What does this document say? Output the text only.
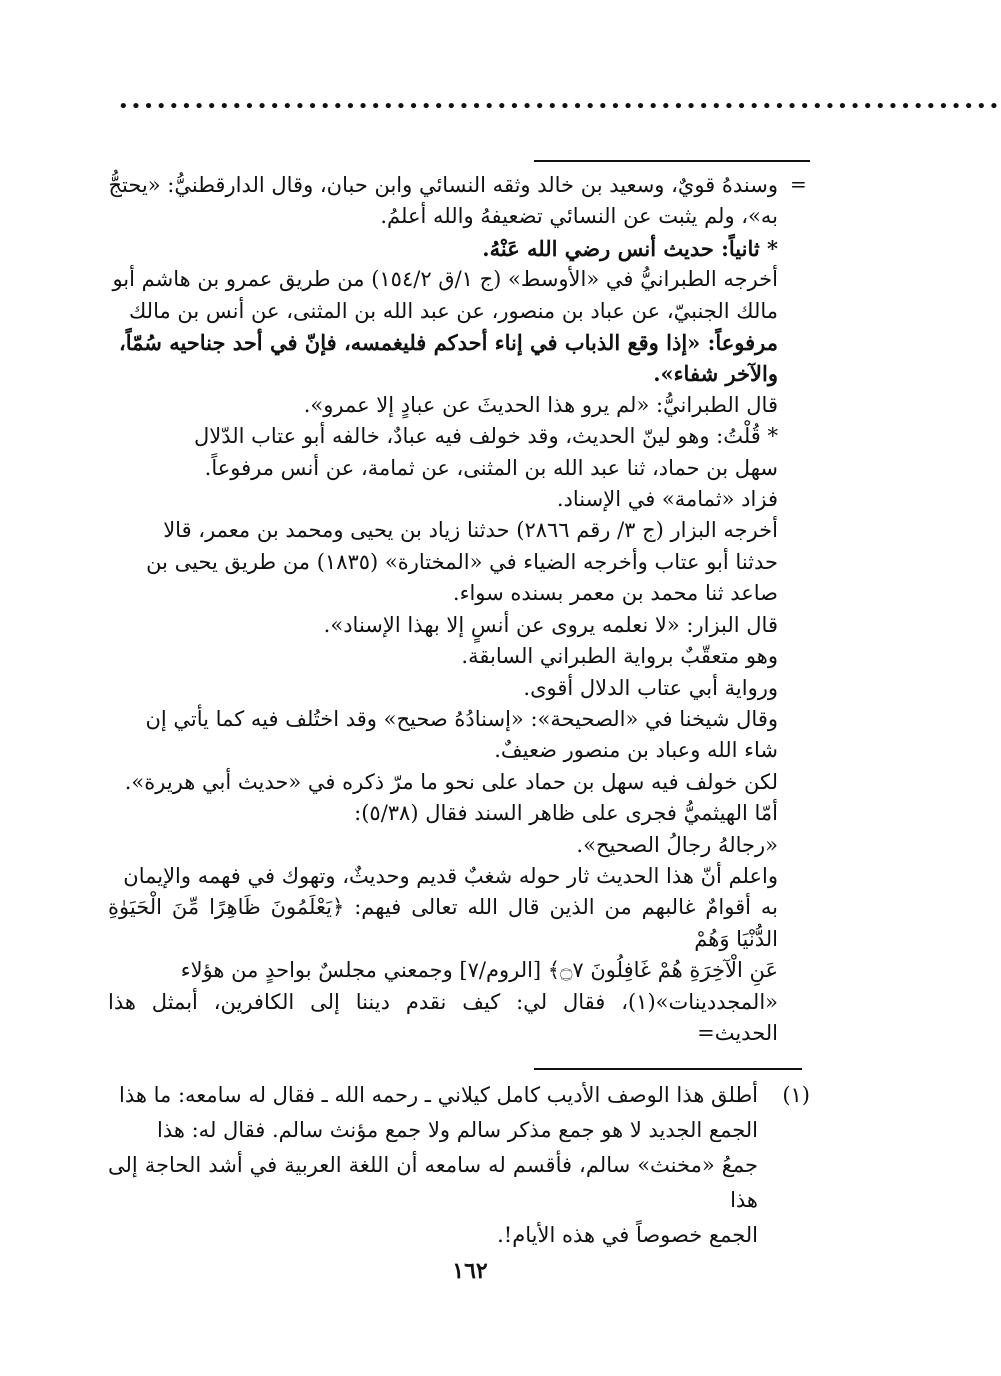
••••••••••••••••••••••••••••••••••••••••••••••••••••••••••••••••••••••
=

وسندهُ قويٌ، وسعيد بن خالد وثقه النسائي وابن حبان، وقال الدارقطنيُّ: «يحتجُّ

به»، ولم يثبت عن النسائي تضعيفهُ والله أعلمُ.

* ثانياً: حديث أنس رضي الله عَنْهُ.

أخرجه الطبرانيُّ في «الأوسط» (ج ١/ق ١٥٤/٢) من طريق عمرو بن هاشم أبو

مالك الجنبيّ، عن عباد بن منصور، عن عبد الله بن المثنى، عن أنس بن مالك

مرفوعاً: «إذا وقع الذباب في إناء أحدكم فليغمسه، فإنّ في أحد جناحيه سُمّاً،

والآخر شفاء».

قال الطبرانيُّ: «لم يرو هذا الحديثَ عن عبادٍ إلا عمرو».

* قُلْتُ: وهو لينّ الحديث، وقد خولف فيه عبادٌ، خالفه أبو عتاب الدّلال

سهل بن حماد، ثنا عبد الله بن المثنى، عن ثمامة، عن أنس مرفوعاً.

فزاد «ثمامة» في الإسناد.

أخرجه البزار (ج ٣/ رقم ٢٨٦٦) حدثنا زياد بن يحيى ومحمد بن معمر، قالا

حدثنا أبو عتاب وأخرجه الضياء في «المختارة» (١٨٣٥) من طريق يحيى بن

صاعد ثنا محمد بن معمر بسنده سواء.

قال البزار: «لا نعلمه يروى عن أنسٍ إلا بهذا الإسناد».

وهو متعقّبٌ برواية الطبراني السابقة.

ورواية أبي عتاب الدلال أقوى.

وقال شيخنا في «الصحيحة»: «إسنادُهُ صحيح» وقد اختُلف فيه كما يأتي إن

شاء الله وعباد بن منصور ضعيفٌ.

لكن خولف فيه سهل بن حماد على نحو ما مرّ ذكره في «حديث أبي هريرة».

أمّا الهيثميُّ فجرى على ظاهر السند فقال (٥/٣٨):

«رجالهُ رجالُ الصحيح».

واعلم أنّ هذا الحديث ثار حوله شغبٌ قديم وحديثٌ، وتهوك في فهمه والإيمان

به أقوامٌ غالبهم من الذين قال الله تعالى فيهم: ﴿يَعْلَمُونَ ظَاهِرًا مِّنَ الْحَيَوٰةِ الدُّنْيَا وَهُمْ

عَنِ الْآخِرَةِ هُمْ غَافِلُونَ ۝٧﴾ [الروم/٧] وجمعني مجلسٌ بواحدٍ من هؤلاء

«المجددينات»(١)، فقال لي: كيف نقدم ديننا إلى الكافرين، أبمثل هذا الحديث=

(١)
أطلق هذا الوصف الأديب كامل كيلاني ـ رحمه الله ـ فقال له سامعه: ما هذا
الجمع الجديد لا هو جمع مذكر سالم ولا جمع مؤنث سالم. فقال له: هذا
جمعُ «مخنث» سالم، فأقسم له سامعه أن اللغة العربية في أشد الحاجة إلى هذا
الجمع خصوصاً في هذه الأيام!.
١٦٢
